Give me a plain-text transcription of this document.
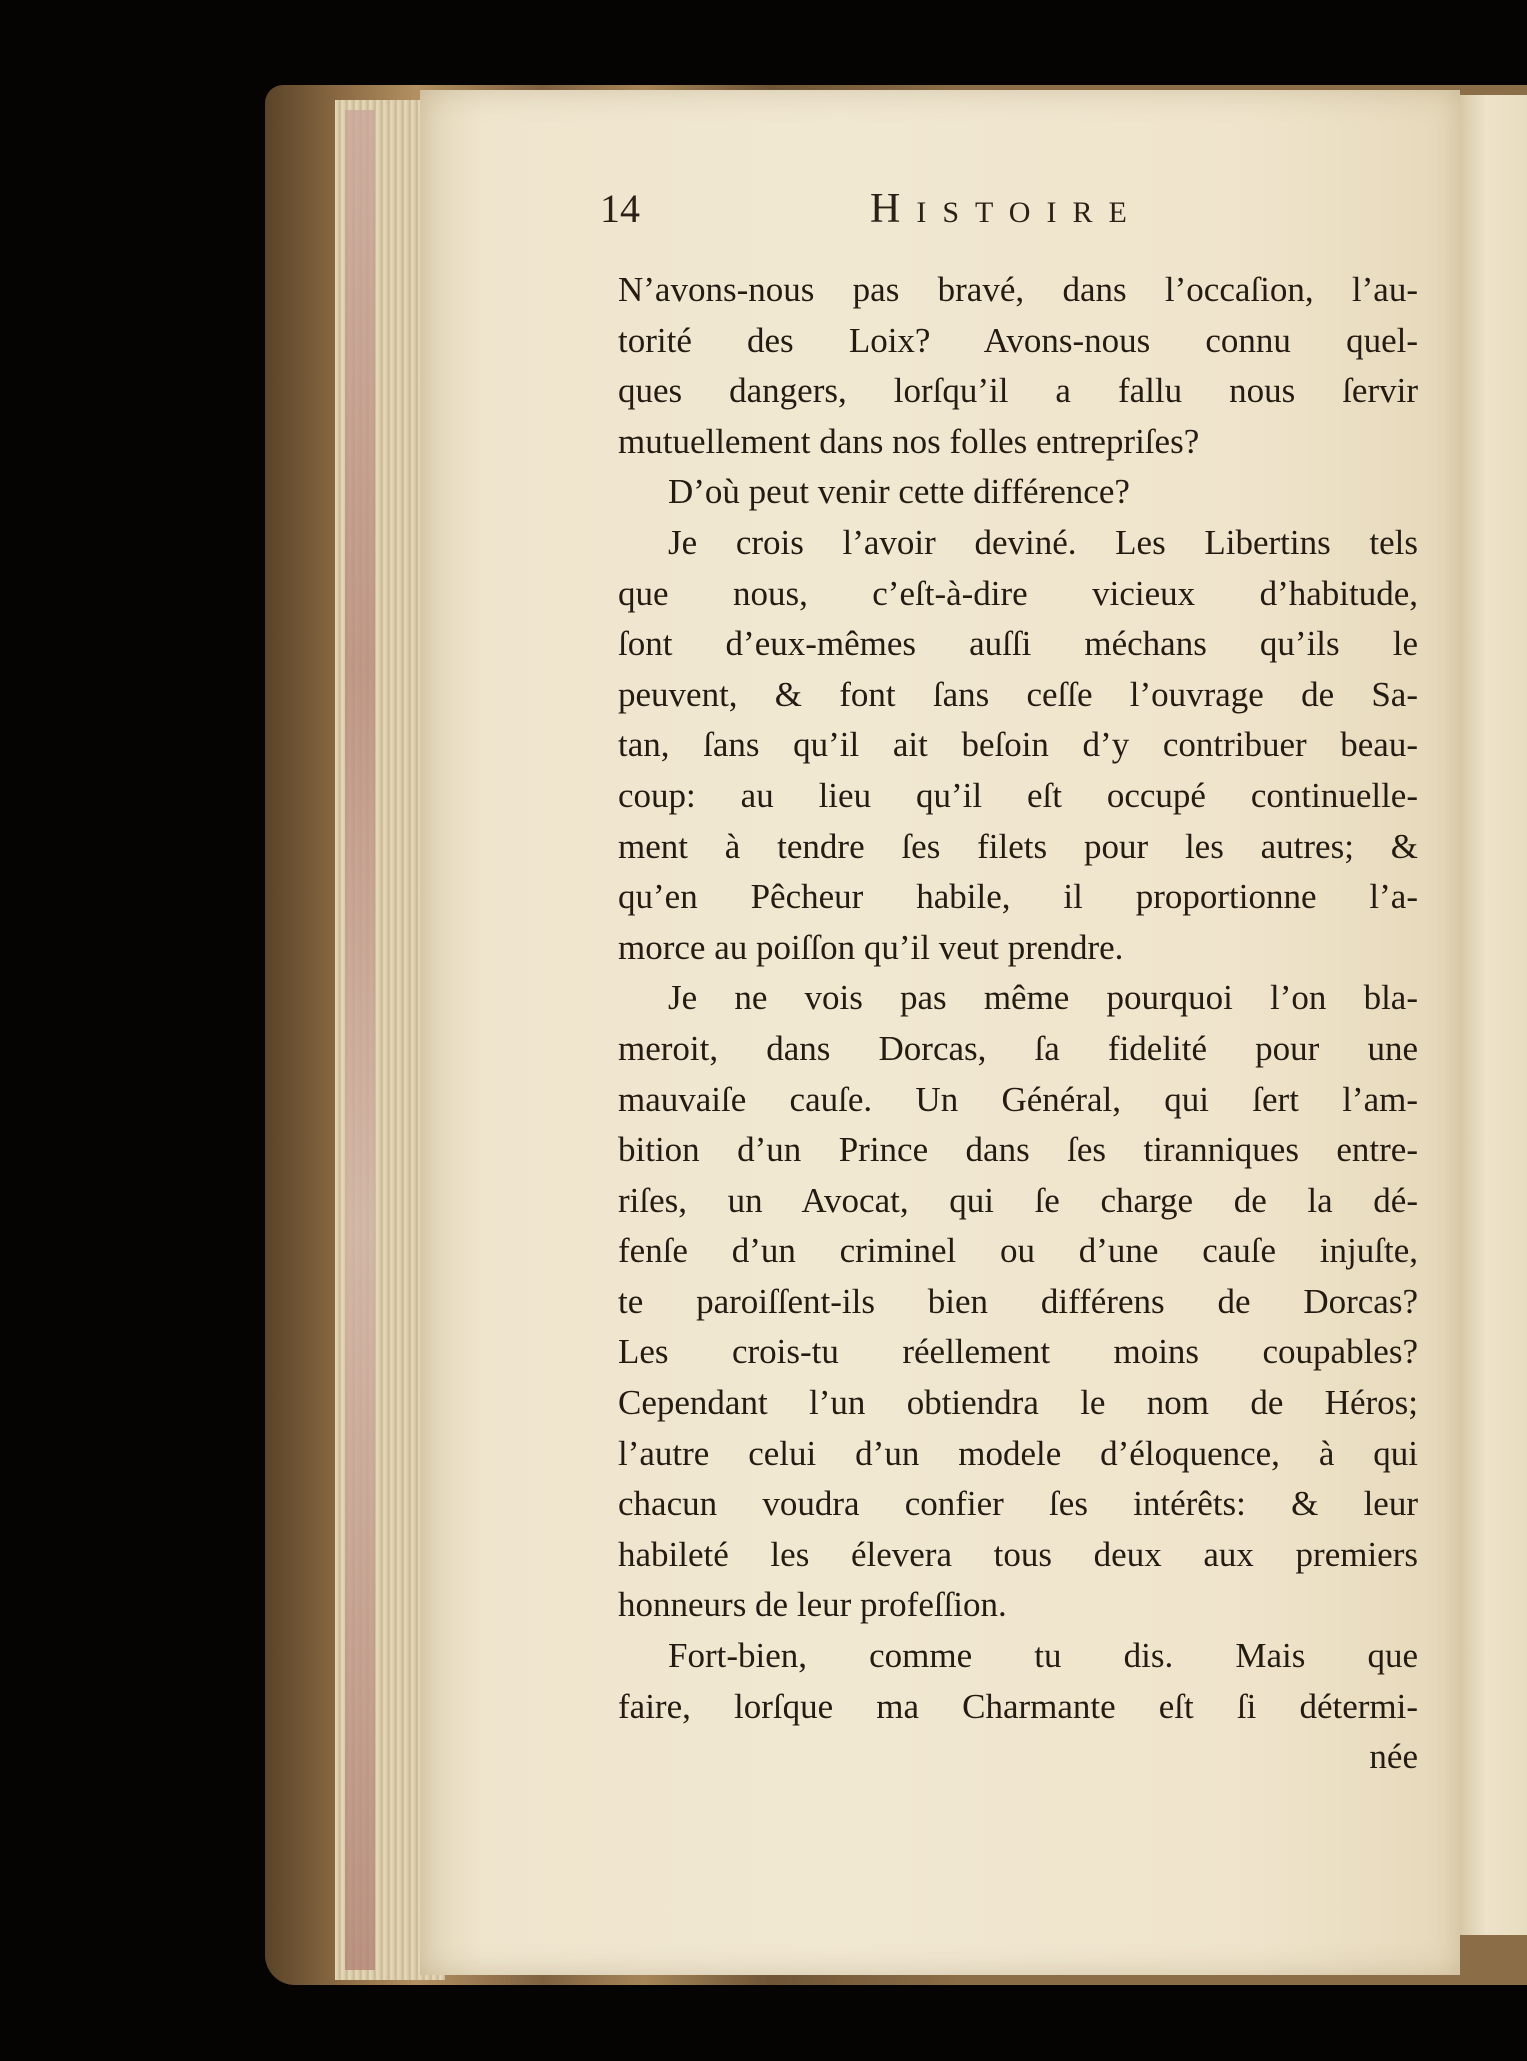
14	HISTOIRE
N’avons-nous pas bravé, dans l’occaſion, l’au-
torité des Loix? Avons-nous connu quel-
ques dangers, lorſqu’il a fallu nous ſervir
mutuellement dans nos folles entrepriſes?
D’où peut venir cette différence?
Je crois l’avoir deviné. Les Libertins tels
que nous, c’eſt-à-dire vicieux d’habitude,
ſont d’eux-mêmes auſſi méchans qu’ils le
peuvent, & font ſans ceſſe l’ouvrage de Sa-
tan, ſans qu’il ait beſoin d’y contribuer beau-
coup: au lieu qu’il eſt occupé continuelle-
ment à tendre ſes filets pour les autres; &
qu’en Pêcheur habile, il proportionne l’a-
morce au poiſſon qu’il veut prendre.
Je ne vois pas même pourquoi l’on bla-
meroit, dans Dorcas, ſa fidelité pour une
mauvaiſe cauſe. Un Général, qui ſert l’am-
bition d’un Prince dans ſes tiranniques entre-
riſes, un Avocat, qui ſe charge de la dé-
fenſe d’un criminel ou d’une cauſe injuſte,
te paroiſſent-ils bien différens de Dorcas?
Les crois-tu réellement moins coupables?
Cependant l’un obtiendra le nom de Héros;
l’autre celui d’un modele d’éloquence, à qui
chacun voudra confier ſes intérêts: & leur
habileté les élevera tous deux aux premiers
honneurs de leur profeſſion.
Fort-bien, comme tu dis. Mais que
faire, lorſque ma Charmante eſt ſi détermi-
née
